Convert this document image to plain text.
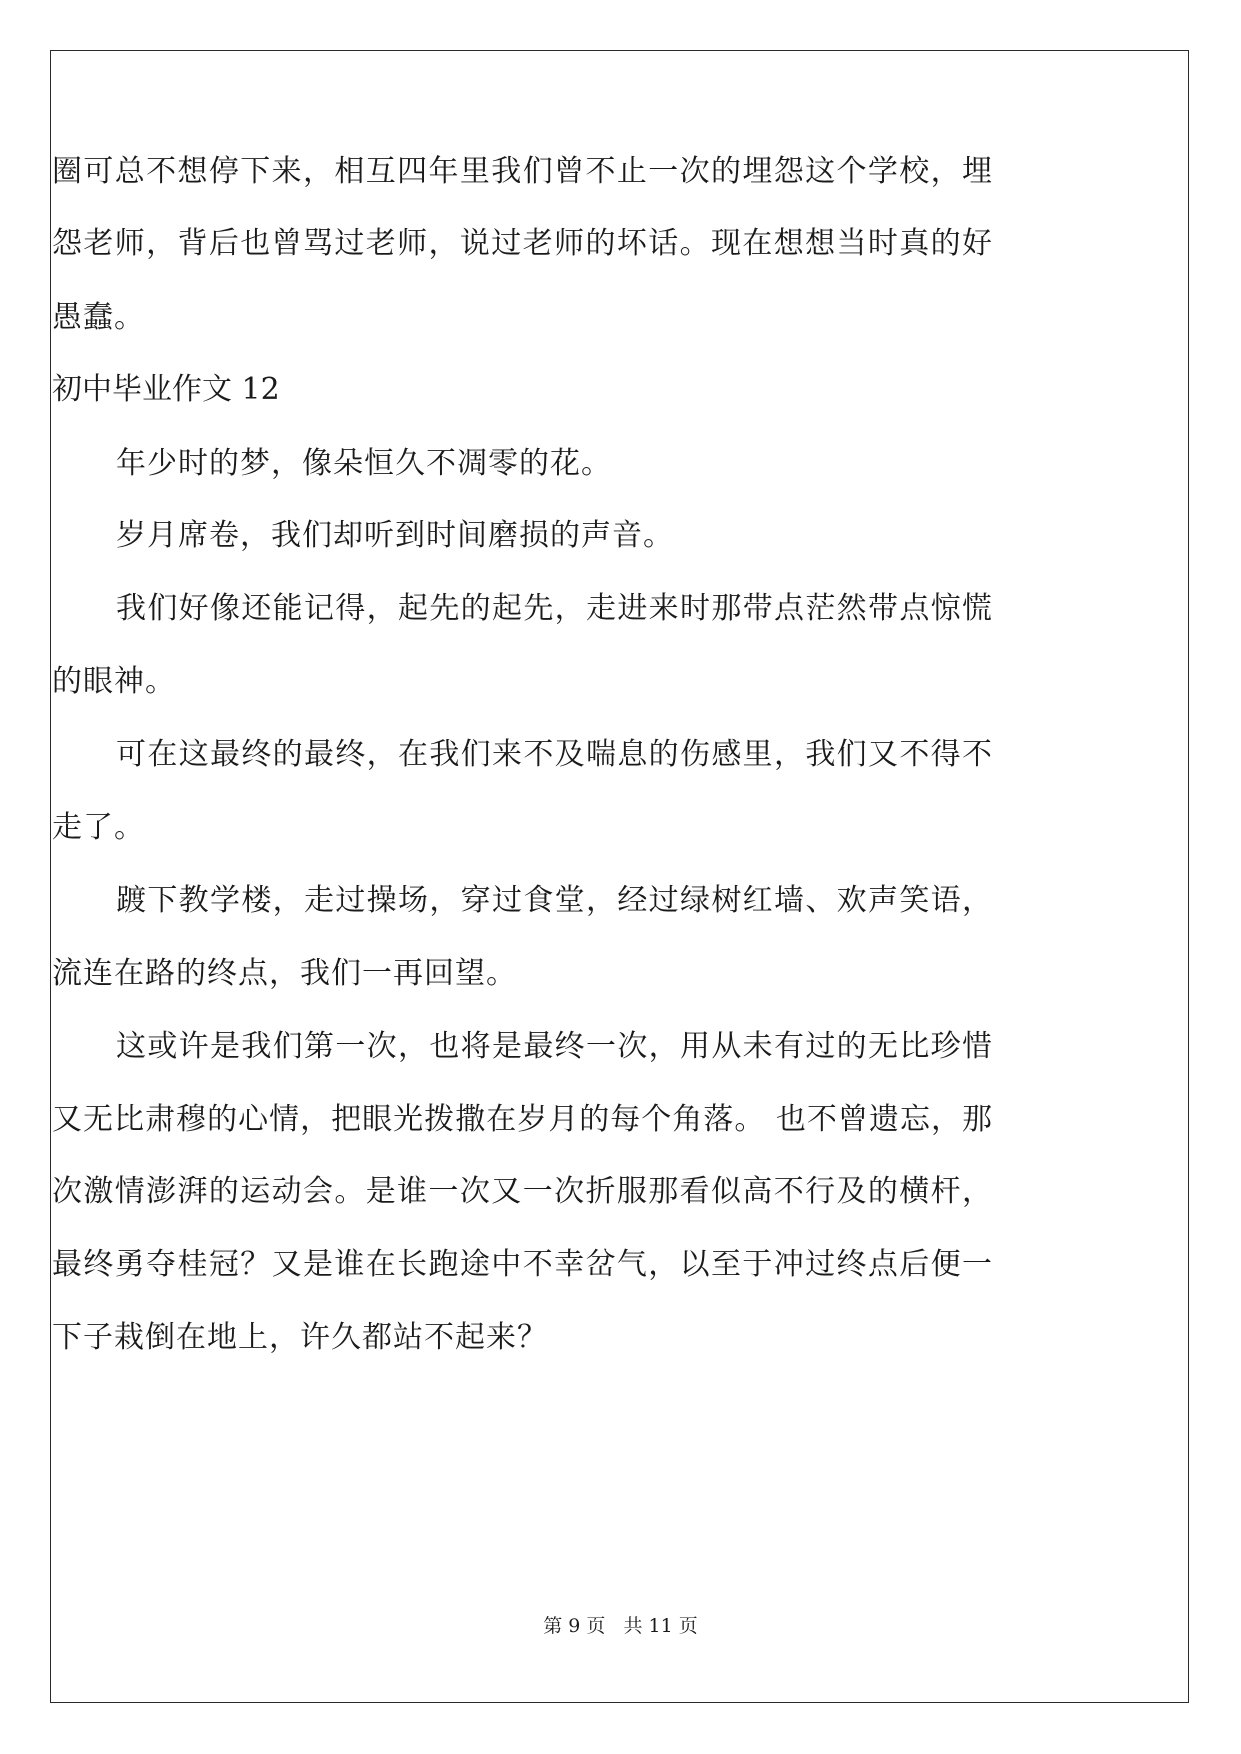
圈可总不想停下来，相互四年里我们曾不止一次的埋怨这个学校，埋
怨老师，背后也曾骂过老师，说过老师的坏话。现在想想当时真的好
愚蠢。
初中毕业作文 12
年少时的梦，像朵恒久不凋零的花。
岁月席卷，我们却听到时间磨损的声音。
我们好像还能记得，起先的起先，走进来时那带点茫然带点惊慌
的眼神。
可在这最终的最终，在我们来不及喘息的伤感里，我们又不得不
走了。
踱下教学楼，走过操场，穿过食堂，经过绿树红墙、欢声笑语，
流连在路的终点，我们一再回望。
这或许是我们第一次，也将是最终一次，用从未有过的无比珍惜
又无比肃穆的心情，把眼光拨撒在岁月的每个角落。 也不曾遗忘，那
次激情澎湃的运动会。是谁一次又一次折服那看似高不行及的横杆，
最终勇夺桂冠？又是谁在长跑途中不幸岔气，以至于冲过终点后便一
下子栽倒在地上，许久都站不起来？
第 9 页 共 11 页
